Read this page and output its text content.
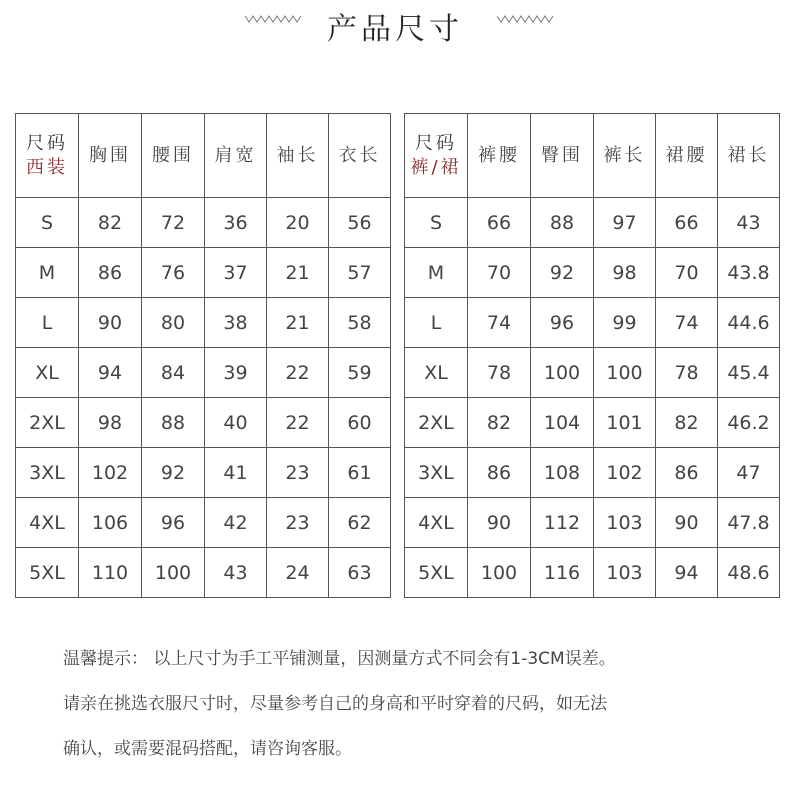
产品尺寸
尺码
西装	胸围	腰围	肩宽	袖长	衣长
S	82	72	36	20	56
M	86	76	37	21	57
L	90	80	38	21	58
XL	94	84	39	22	59
2XL	98	88	40	22	60
3XL	102	92	41	23	61
4XL	106	96	42	23	62
5XL	110	100	43	24	63
尺码
裤/裙	裤腰	臀围	裤长	裙腰	裙长
S	66	88	97	66	43
M	70	92	98	70	43.8
L	74	96	99	74	44.6
XL	78	100	100	78	45.4
2XL	82	104	101	82	46.2
3XL	86	108	102	86	47
4XL	90	112	103	90	47.8
5XL	100	116	103	94	48.6
温馨提示： 以上尺寸为手工平铺测量，因测量方式不同会有1-3CM误差。
请亲在挑选衣服尺寸时，尽量参考自己的身高和平时穿着的尺码，如无法
确认，或需要混码搭配，请咨询客服。
